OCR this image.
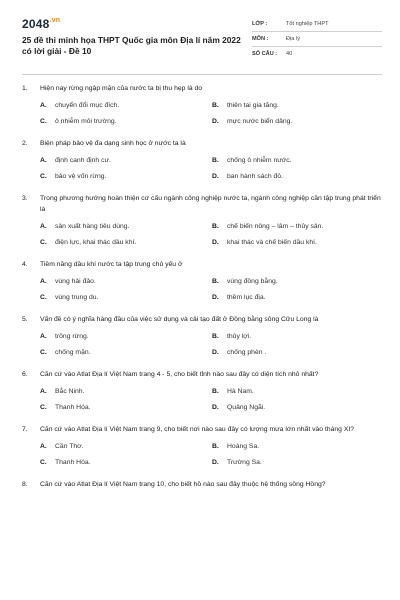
$2048^{.vn}$
25 đề thi minh họa THPT Quốc gia môn Địa lí năm 2022 có lời giải - Đề 10
LỚP :	Tốt nghiệp THPT
MÔN :	Địa lý
SỐ CÂU :	40
1.	Hiện nay rừng ngập mặn của nước ta bị thu hẹp là do
A.	chuyển đổi mục đích.	B.	thiên tai gia tăng.
C.	ô nhiễm môi trường.	D.	mực nước biển dâng.
2.	Biện pháp bảo vệ đa dạng sinh học ở nước ta là
A.	định canh định cư.	B.	chống ô nhiễm nước.
C.	bảo vệ vốn rừng.	D.	ban hành sách đỏ.
3.	Trong phương hướng hoàn thiện cơ cấu ngành công nghiệp nước ta, ngành công nghiệp cần tập trung phát triển là
A.	sản xuất hàng tiêu dùng.	B.	chế biến nông – lâm – thủy sản.
C.	điện lực, khai thác dầu khí.	D.	khai thác và chế biến dầu khí.
4.	Tiềm năng dầu khí nước ta tập trung chủ yếu ở
A.	vùng hải đảo.	B.	vùng đồng bằng.
C.	vùng trung du.	D.	thềm lục địa.
5.	Vấn đề có ý nghĩa hàng đầu của việc sử dụng và cải tạo đất ở Đồng bằng sông Cửu Long là
A.	trồng rừng.	B.	thủy lợi.
C.	chống mặn.	D.	chống phèn .
6.	Căn cứ vào Atlat Địa lí Việt Nam trang 4 - 5, cho biết tỉnh nào sau đây có diện tích nhỏ nhất?
A.	Bắc Ninh.	B.	Hà Nam.
C.	Thanh Hóa.	D.	Quảng Ngãi.
7.	Căn cứ vào Atlat Địa lí Việt Nam trang 9, cho biết nơi nào sau đây có lượng mưa lớn nhất vào tháng XI?
A.	Cần Thơ.	B.	Hoàng Sa.
C.	Thanh Hóa.	D.	Trường Sa.
8.	Căn cứ vào Atlat Địa lí Việt Nam trang 10, cho biết hồ nào sau đây thuộc hệ thống sông Hồng?
